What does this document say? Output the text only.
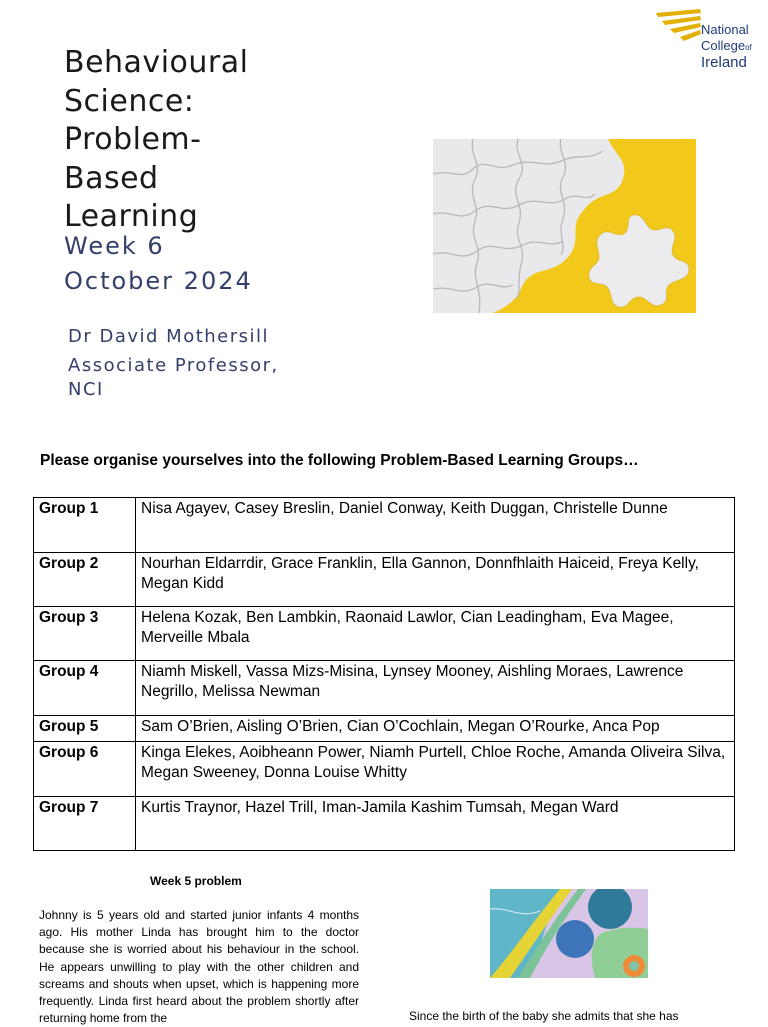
Behavioural
Science:
Problem-
Based
Learning
Week 6
October 2024
Dr David Mothersill
Associate Professor, NCI
National
Collegeof
Ireland
Please organise yourselves into the following Problem-Based Learning Groups…
Group 1	Nisa Agayev, Casey Breslin, Daniel Conway, Keith Duggan, Christelle Dunne
Group 2	Nourhan Eldarrdir, Grace Franklin, Ella Gannon, Donnfhlaith Haiceid, Freya Kelly, Megan Kidd
Group 3	Helena Kozak, Ben Lambkin, Raonaid Lawlor, Cian Leadingham, Eva Magee, Merveille Mbala
Group 4	Niamh Miskell, Vassa Mizs-Misina, Lynsey Mooney, Aishling Moraes, Lawrence Negrillo, Melissa Newman
Group 5	Sam O’Brien, Aisling O’Brien, Cian O’Cochlain, Megan O’Rourke, Anca Pop
Group 6	Kinga Elekes, Aoibheann Power, Niamh Purtell, Chloe Roche, Amanda Oliveira Silva, Megan Sweeney, Donna Louise Whitty
Group 7	Kurtis Traynor, Hazel Trill, Iman-Jamila Kashim Tumsah, Megan Ward
Week 5 problem
Johnny is 5 years old and started junior infants 4 months ago. His mother Linda has brought him to the doctor because she is worried about his behaviour in the school. He appears unwilling to play with the other children and screams and shouts when upset, which is happening more frequently. Linda first heard about the problem shortly after returning home from the	Since the birth of the baby she admits that she has
